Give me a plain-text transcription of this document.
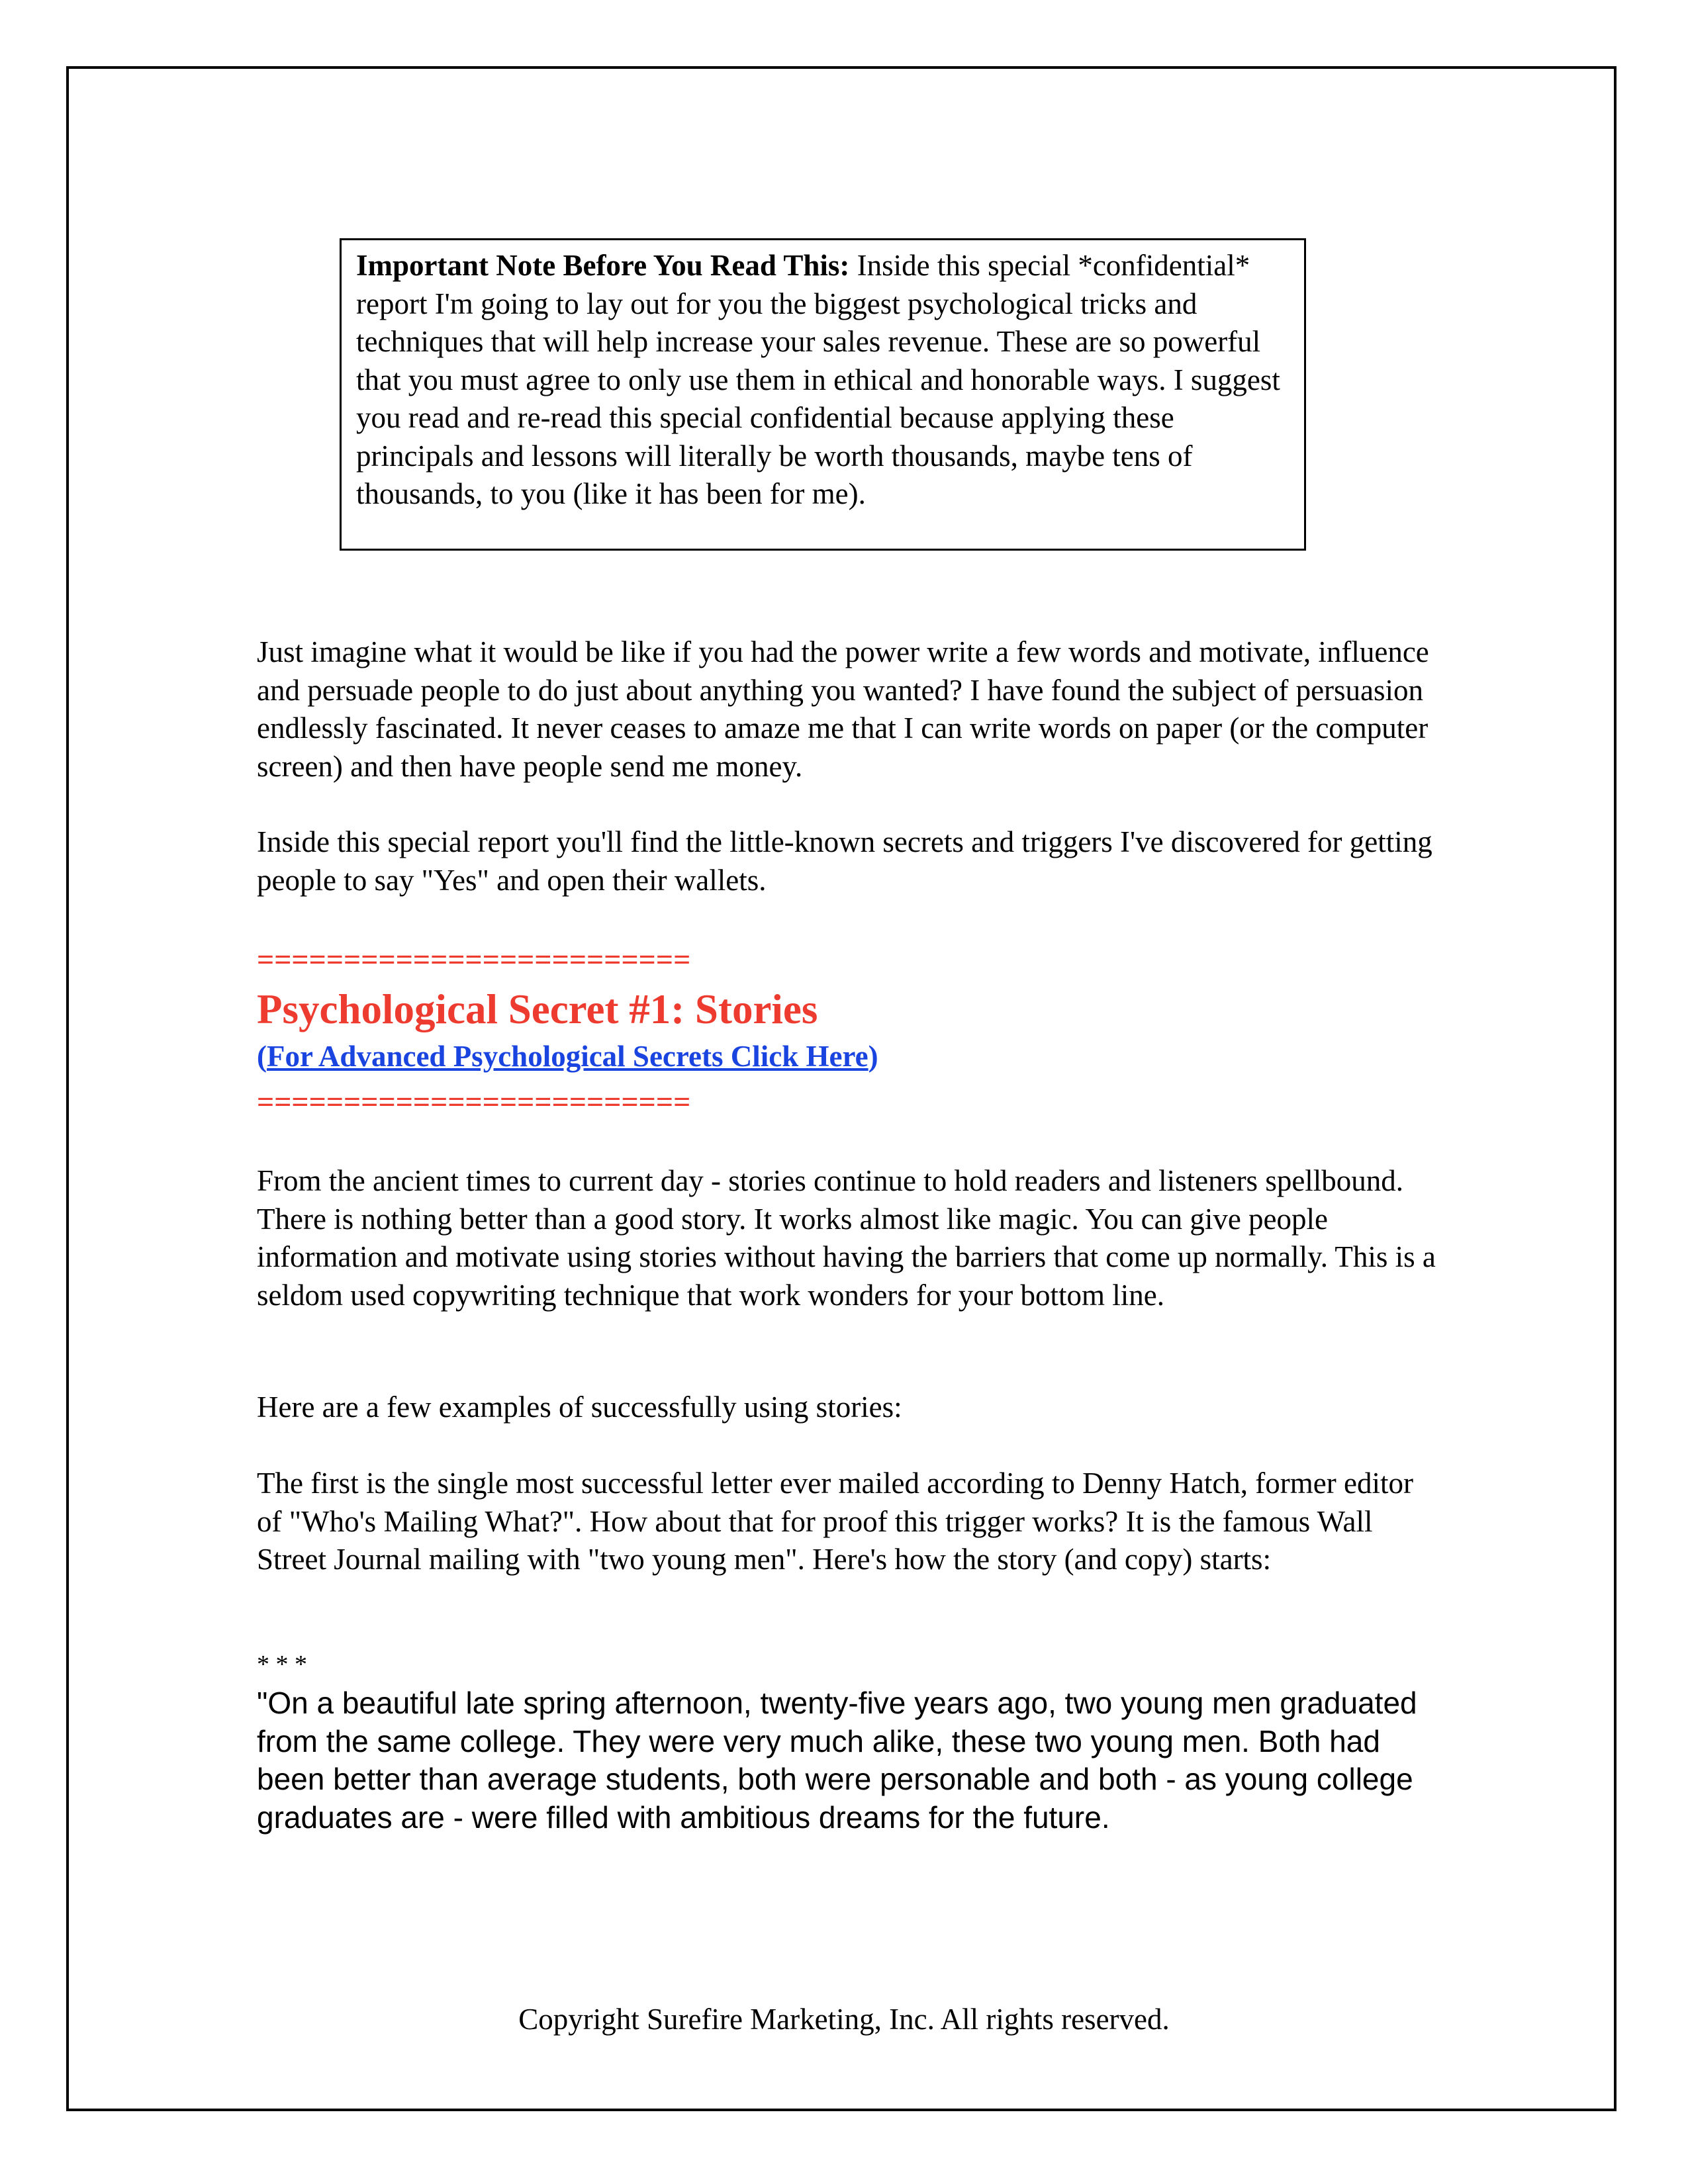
Important Note Before You Read This: Inside this special *confidential* report I'm going to lay out for you the biggest psychological tricks and techniques that will help increase your sales revenue. These are so powerful that you must agree to only use them in ethical and honorable ways. I suggest you read and re-read this special confidential because applying these principals and lessons will literally be worth thousands, maybe tens of thousands, to you (like it has been for me).

Just imagine what it would be like if you had the power write a few words and motivate, influence and persuade people to do just about anything you wanted? I have found the subject of persuasion endlessly fascinated. It never ceases to amaze me that I can write words on paper (or the computer screen) and then have people send me money.

Inside this special report you'll find the little-known secrets and triggers I've discovered for getting people to say "Yes" and open their wallets.

=========================
Psychological Secret #1: Stories
(For Advanced Psychological Secrets Click Here)
=========================

From the ancient times to current day - stories continue to hold readers and listeners spellbound. There is nothing better than a good story. It works almost like magic. You can give people information and motivate using stories without having the barriers that come up normally. This is a seldom used copywriting technique that work wonders for your bottom line.

Here are a few examples of successfully using stories:

The first is the single most successful letter ever mailed according to Denny Hatch, former editor of "Who's Mailing What?". How about that for proof this trigger works? It is the famous Wall Street Journal mailing with "two young men". Here's how the story (and copy) starts:

* * *

"On a beautiful late spring afternoon, twenty-five years ago, two young men graduated from the same college. They were very much alike, these two young men. Both had been better than average students, both were personable and both - as young college graduates are - were filled with ambitious dreams for the future.

Copyright Surefire Marketing, Inc. All rights reserved.
